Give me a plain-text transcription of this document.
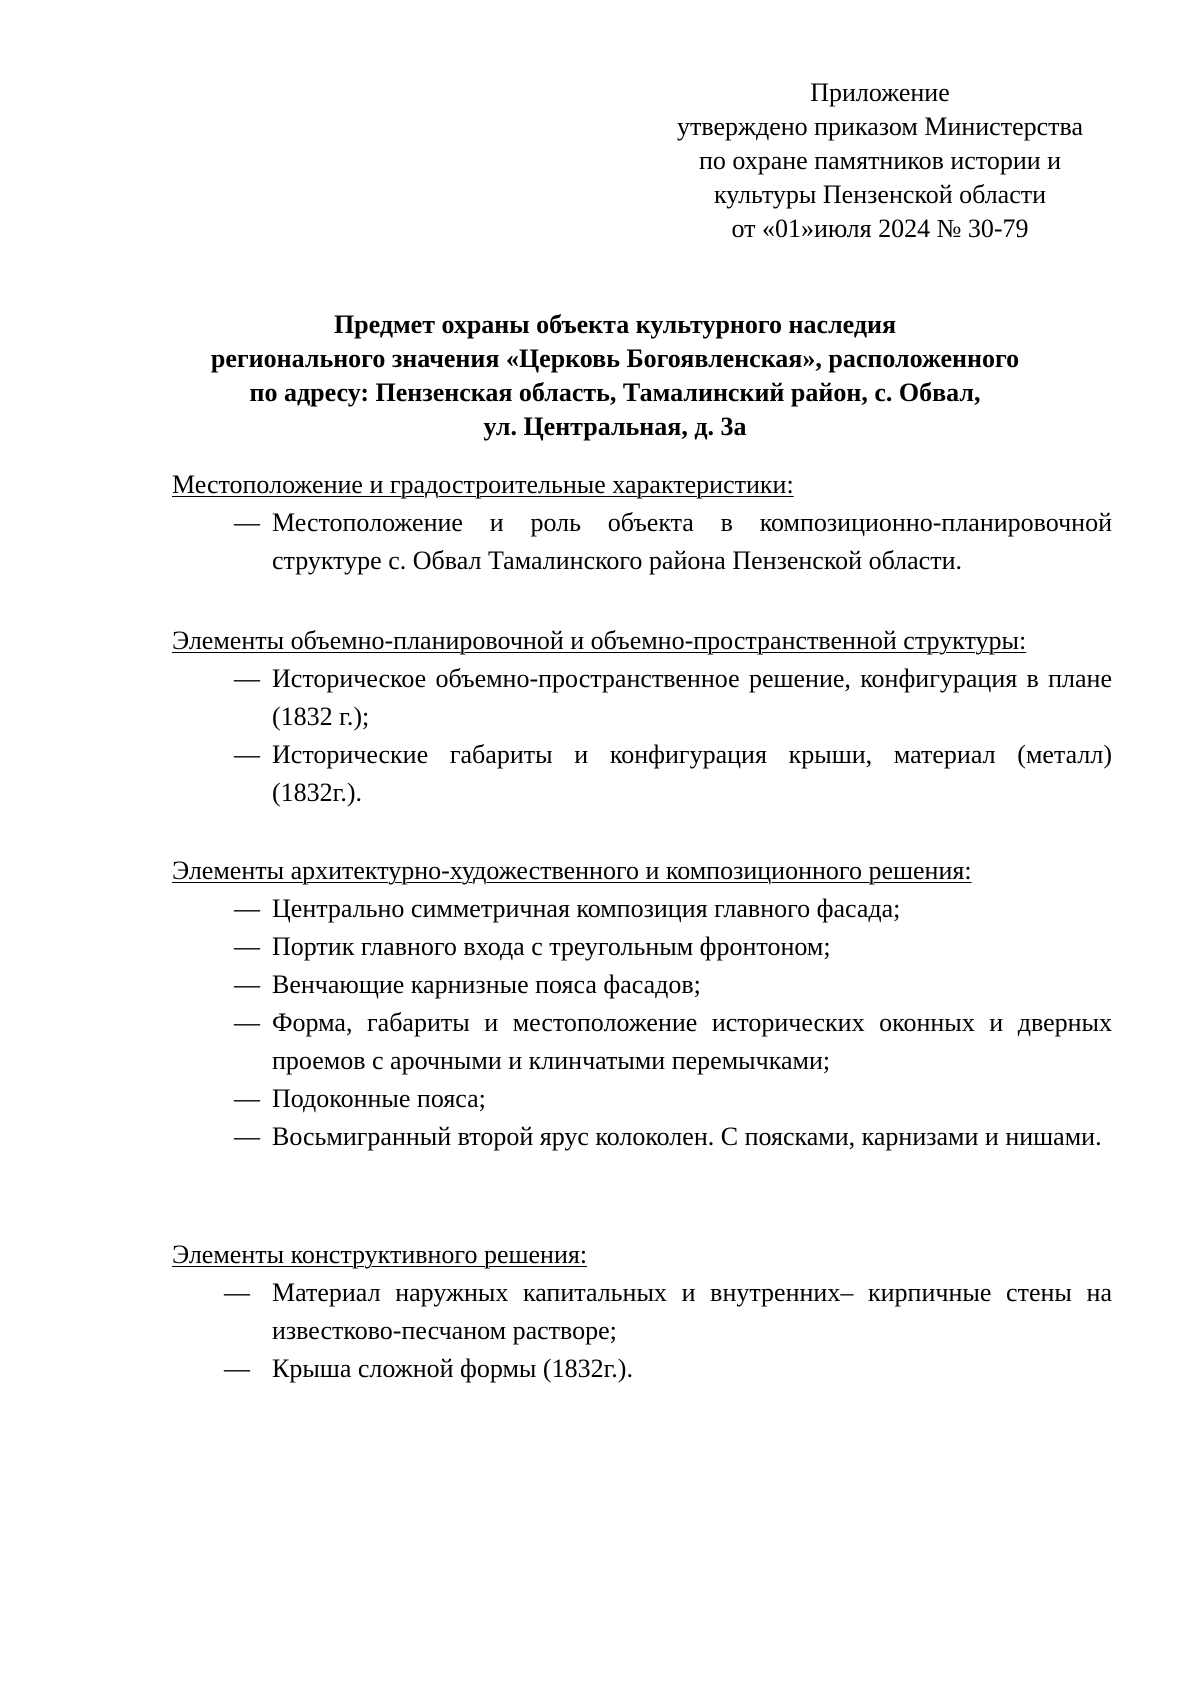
Приложение
утверждено приказом Министерства
по охране памятников истории и
культуры Пензенской области
от «01»июля 2024 № 30-79
Предмет охраны объекта культурного наследия
регионального значения «Церковь Богоявленская», расположенного
по адресу: Пензенская область, Тамалинский район, с. Обвал,
ул. Центральная, д. 3а
Местоположение и градостроительные характеристики:
— Местоположение и роль объекта в композиционно-планировочной структуре с. Обвал Тамалинского района Пензенской области.
Элементы объемно-планировочной и объемно-пространственной структуры:
— Историческое объемно-пространственное решение, конфигурация в плане (1832 г.);
— Исторические габариты и конфигурация крыши, материал (металл) (1832г.).
Элементы архитектурно-художественного и композиционного решения:
— Центрально симметричная композиция главного фасада;
— Портик главного входа с треугольным фронтоном;
— Венчающие карнизные пояса фасадов;
— Форма, габариты и местоположение исторических оконных и дверных проемов с арочными и клинчатыми перемычками;
— Подоконные пояса;
— Восьмигранный второй ярус колоколен. С поясками, карнизами и нишами.
Элементы конструктивного решения:
— Материал наружных капитальных и внутренних– кирпичные стены на известково-песчаном растворе;
— Крыша сложной формы (1832г.).
